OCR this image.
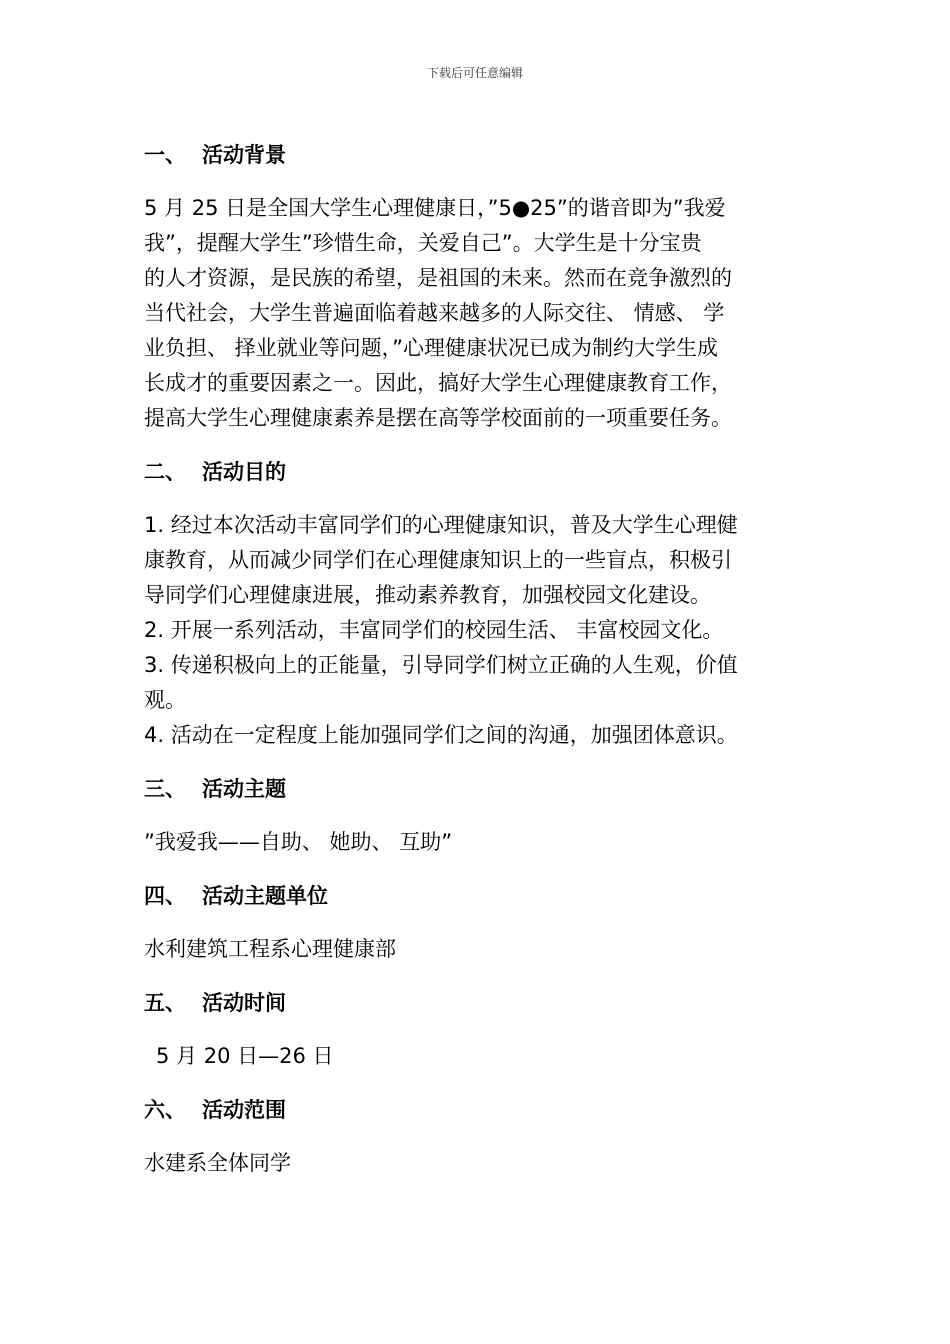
下载后可任意编辑
一、 活动背景
5 月 25 日是全国大学生心理健康日，”5●25”的谐音即为”我爱
我”，提醒大学生”珍惜生命，关爱自己”。大学生是十分宝贵
的人才资源，是民族的希望，是祖国的未来。然而在竞争激烈的
当代社会，大学生普遍面临着越来越多的人际交往、 情感、 学
业负担、 择业就业等问题，”心理健康状况已成为制约大学生成
长成才的重要因素之一。因此，搞好大学生心理健康教育工作，
提高大学生心理健康素养是摆在高等学校面前的一项重要任务。
二、 活动目的
1. 经过本次活动丰富同学们的心理健康知识，普及大学生心理健
康教育，从而减少同学们在心理健康知识上的一些盲点，积极引
导同学们心理健康进展，推动素养教育，加强校园文化建设。
2. 开展一系列活动，丰富同学们的校园生活、 丰富校园文化。
3. 传递积极向上的正能量，引导同学们树立正确的人生观，价值
观。
4. 活动在一定程度上能加强同学们之间的沟通，加强团体意识。
三、 活动主题
”我爱我——自助、 她助、 互助”
四、 活动主题单位
水利建筑工程系心理健康部
五、 活动时间
5 月 20 日—26 日
六、 活动范围
水建系全体同学
